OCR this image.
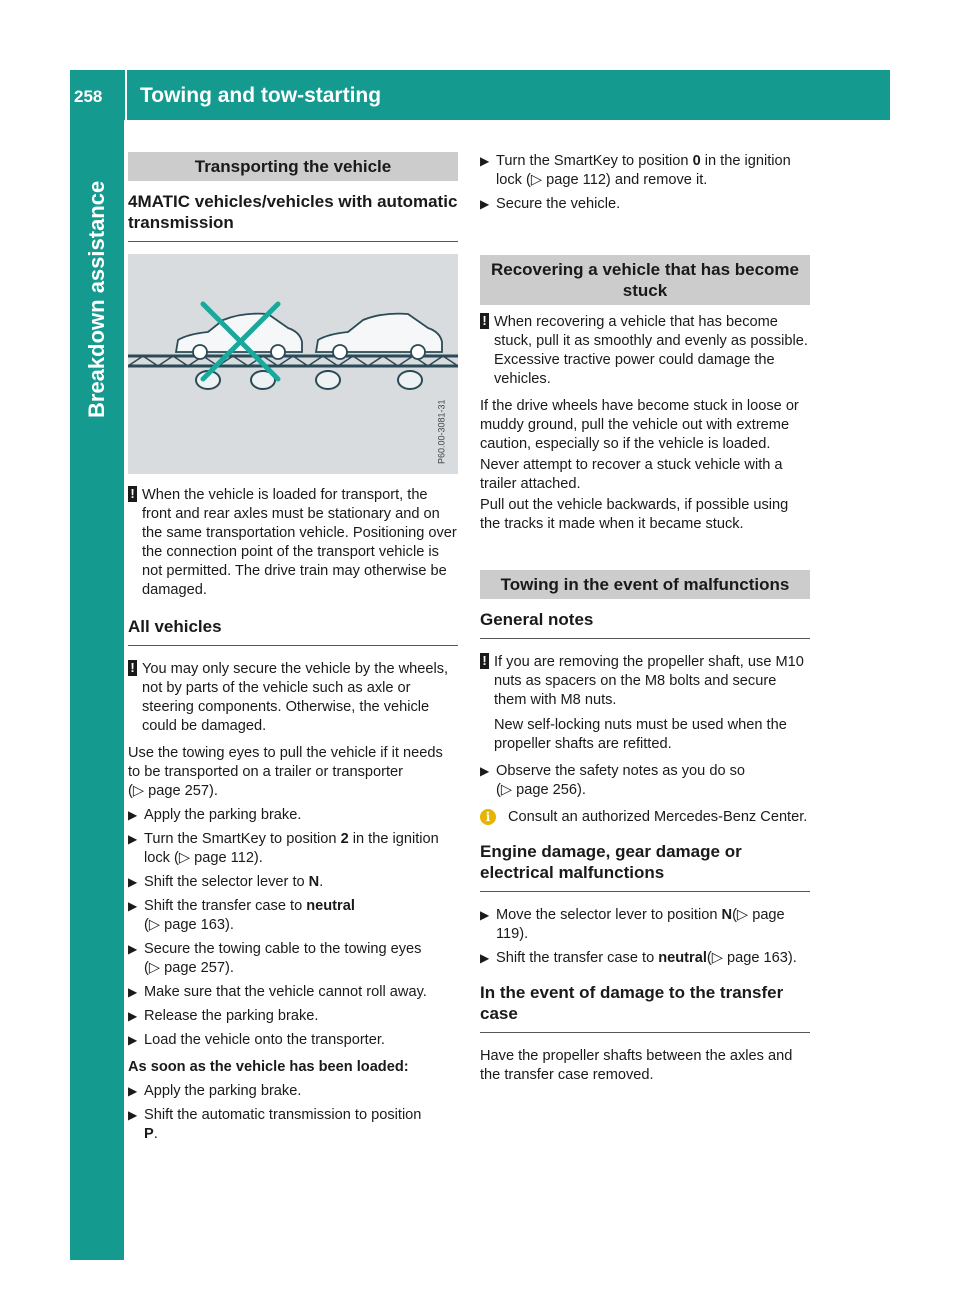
258 Towing and tow-starting
Breakdown assistance
Transporting the vehicle
4MATIC vehicles/vehicles with automatic transmission
P60.00-3081-31
! When the vehicle is loaded for transport, the front and rear axles must be stationary and on the same transportation vehicle. Positioning over the connection point of the transport vehicle is not permitted. The drive train may otherwise be damaged.
All vehicles
! You may only secure the vehicle by the wheels, not by parts of the vehicle such as axle or steering components. Otherwise, the vehicle could be damaged.

Use the towing eyes to pull the vehicle if it needs to be transported on a trailer or transporter
(▷ page 257).

▶ Apply the parking brake.
▶ Turn the SmartKey to position 2 in the ignition lock (▷ page 112).
▶ Shift the selector lever to N.
▶ Shift the transfer case to neutral
(▷ page 163).
▶ Secure the towing cable to the towing eyes
(▷ page 257).
▶ Make sure that the vehicle cannot roll away.
▶ Release the parking brake.
▶ Load the vehicle onto the transporter.
As soon as the vehicle has been loaded:
▶ Apply the parking brake.
▶ Shift the automatic transmission to position
P.
▶ Turn the SmartKey to position 0 in the ignition lock (▷ page 112) and remove it.
▶ Secure the vehicle.
Recovering a vehicle that has become stuck
! When recovering a vehicle that has become stuck, pull it as smoothly and evenly as possible. Excessive tractive power could damage the vehicles.

If the drive wheels have become stuck in loose or muddy ground, pull the vehicle out with extreme caution, especially so if the vehicle is loaded.

Never attempt to recover a stuck vehicle with a trailer attached.

Pull out the vehicle backwards, if possible using the tracks it made when it became stuck.

Towing in the event of malfunctions
General notes
! If you are removing the propeller shaft, use M10 nuts as spacers on the M8 bolts and secure them with M8 nuts.

New self-locking nuts must be used when the propeller shafts are refitted.

▶ Observe the safety notes as you do so
(▷ page 256).
i	Consult an authorized Mercedes-Benz Center.
Engine damage, gear damage or electrical malfunctions
▶ Move the selector lever to position N(▷ page 119).
▶ Shift the transfer case to neutral(▷ page 163).
In the event of damage to the transfer case

Have the propeller shafts between the axles and the transfer case removed.
